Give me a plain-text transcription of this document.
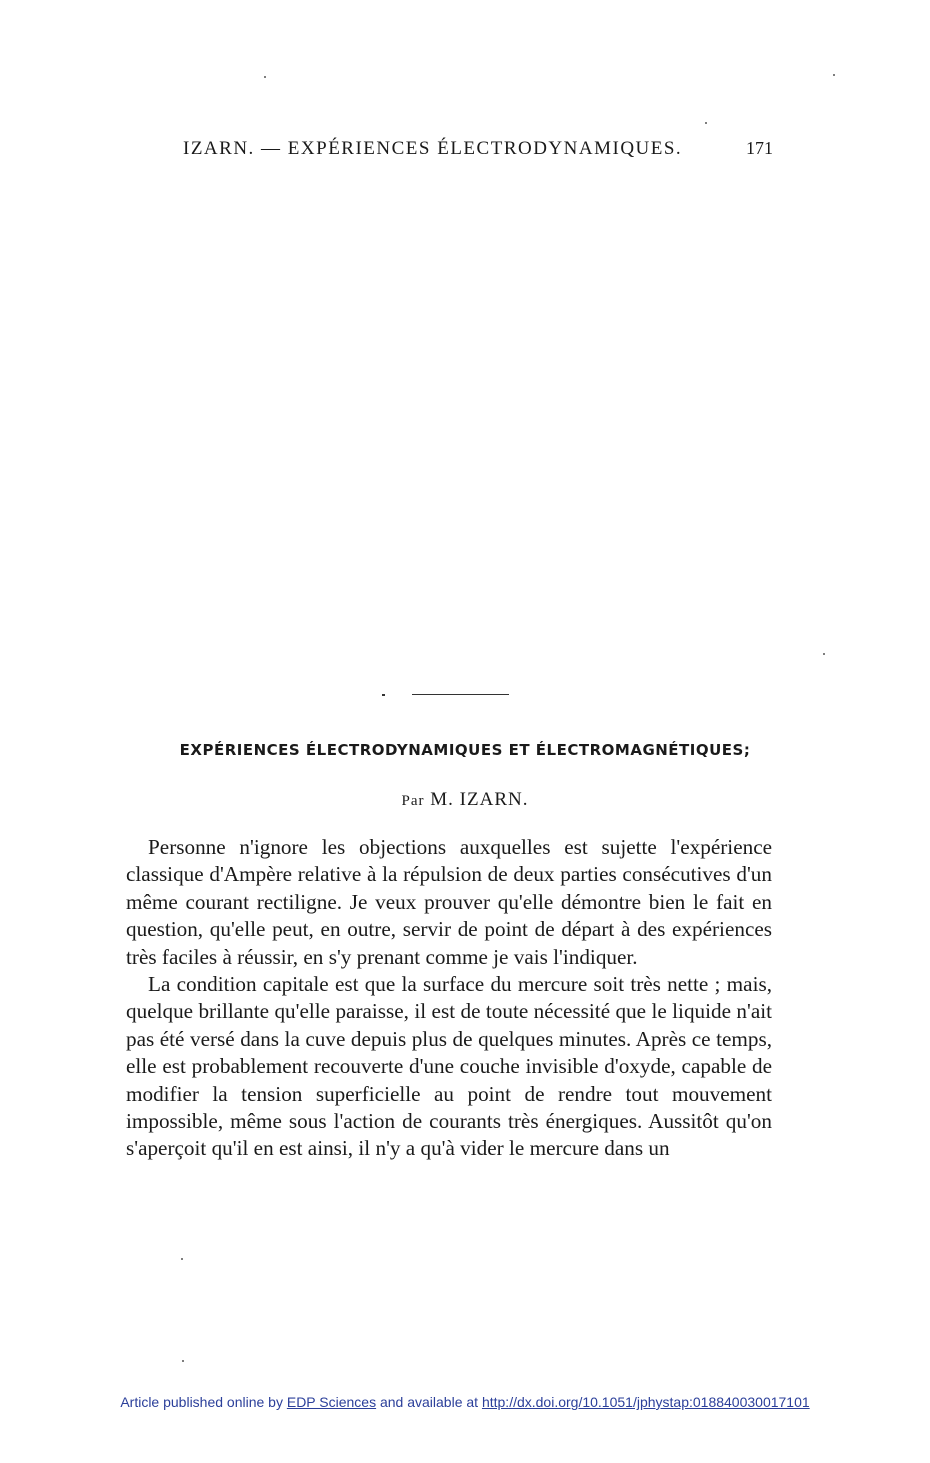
IZARN. — EXPÉRIENCES ÉLECTRODYNAMIQUES.	171
EXPÉRIENCES ÉLECTRODYNAMIQUES ET ÉLECTROMAGNÉTIQUES;
Par M. IZARN.

Personne n'ignore les objections auxquelles est sujette l'expérience classique d'Ampère relative à la répulsion de deux parties consécutives d'un même courant rectiligne. Je veux prouver qu'elle démontre bien le fait en question, qu'elle peut, en outre, servir de point de départ à des expériences très faciles à réussir, en s'y prenant comme je vais l'indiquer.

La condition capitale est que la surface du mercure soit très nette ; mais, quelque brillante qu'elle paraisse, il est de toute nécessité que le liquide n'ait pas été versé dans la cuve depuis plus de quelques minutes. Après ce temps, elle est probablement recouverte d'une couche invisible d'oxyde, capable de modifier la tension superficielle au point de rendre tout mouvement impossible, même sous l'action de courants très énergiques. Aussitôt qu'on s'aperçoit qu'il en est ainsi, il n'y a qu'à vider le mercure dans un

Article published online by EDP Sciences and available at http://dx.doi.org/10.1051/jphystap:018840030017101
